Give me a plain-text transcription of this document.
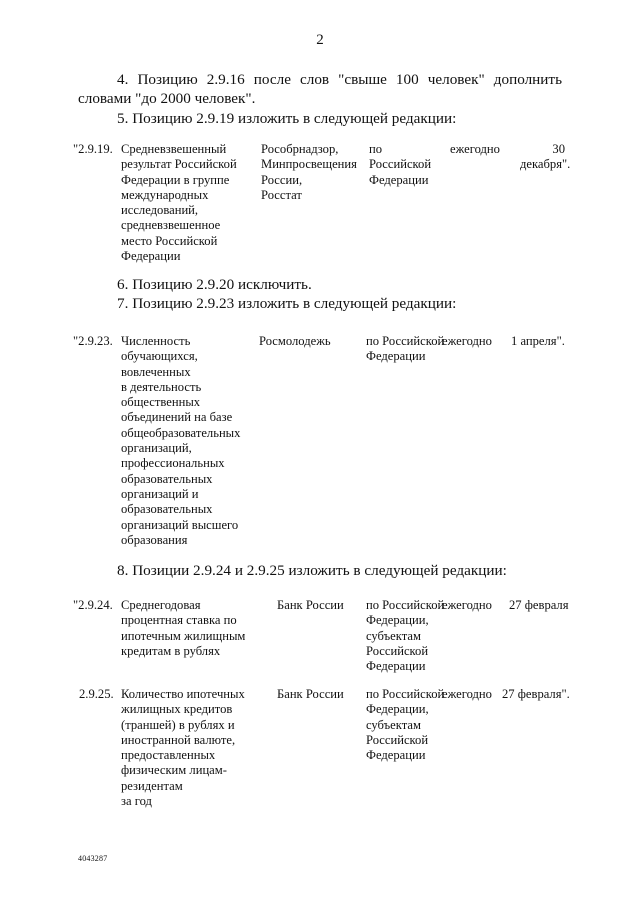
2
4. Позицию 2.9.16 после слов "свыше 100 человек" дополнить
словами "до 2000 человек".
5. Позицию 2.9.19 изложить в следующей редакции:
"2.9.19. Средневзвешенный
результат Российской
Федерации в группе
международных
исследований,
средневзвешенное
место Российской
Федерации
Рособрнадзор,
Минпросвещения
России,
Росстат
по
Российской
Федерации
ежегодно	30
декабря".
6. Позицию 2.9.20 исключить.
7. Позицию 2.9.23 изложить в следующей редакции:
"2.9.23. Численность
обучающихся,
вовлеченных
в деятельность
общественных
объединений на базе
общеобразовательных
организаций,
профессиональных
образовательных
организаций и
образовательных
организаций высшего
образования
Росмолодежь	по Российской
Федерации
ежегодно 1 апреля".
8. Позиции 2.9.24 и 2.9.25 изложить в следующей редакции:
"2.9.24. Среднегодовая
процентная ставка по
ипотечным жилищным
кредитам в рублях
Банк России по Российской
Федерации,
субъектам
Российской
Федерации
ежегодно 27 февраля
2.9.25. Количество ипотечных
жилищных кредитов
(траншей) в рублях и
иностранной валюте,
предоставленных
физическим лицам-
резидентам
за год
Банк России по Российской
Федерации,
субъектам
Российской
Федерации
ежегодно 27 февраля".
4043287
